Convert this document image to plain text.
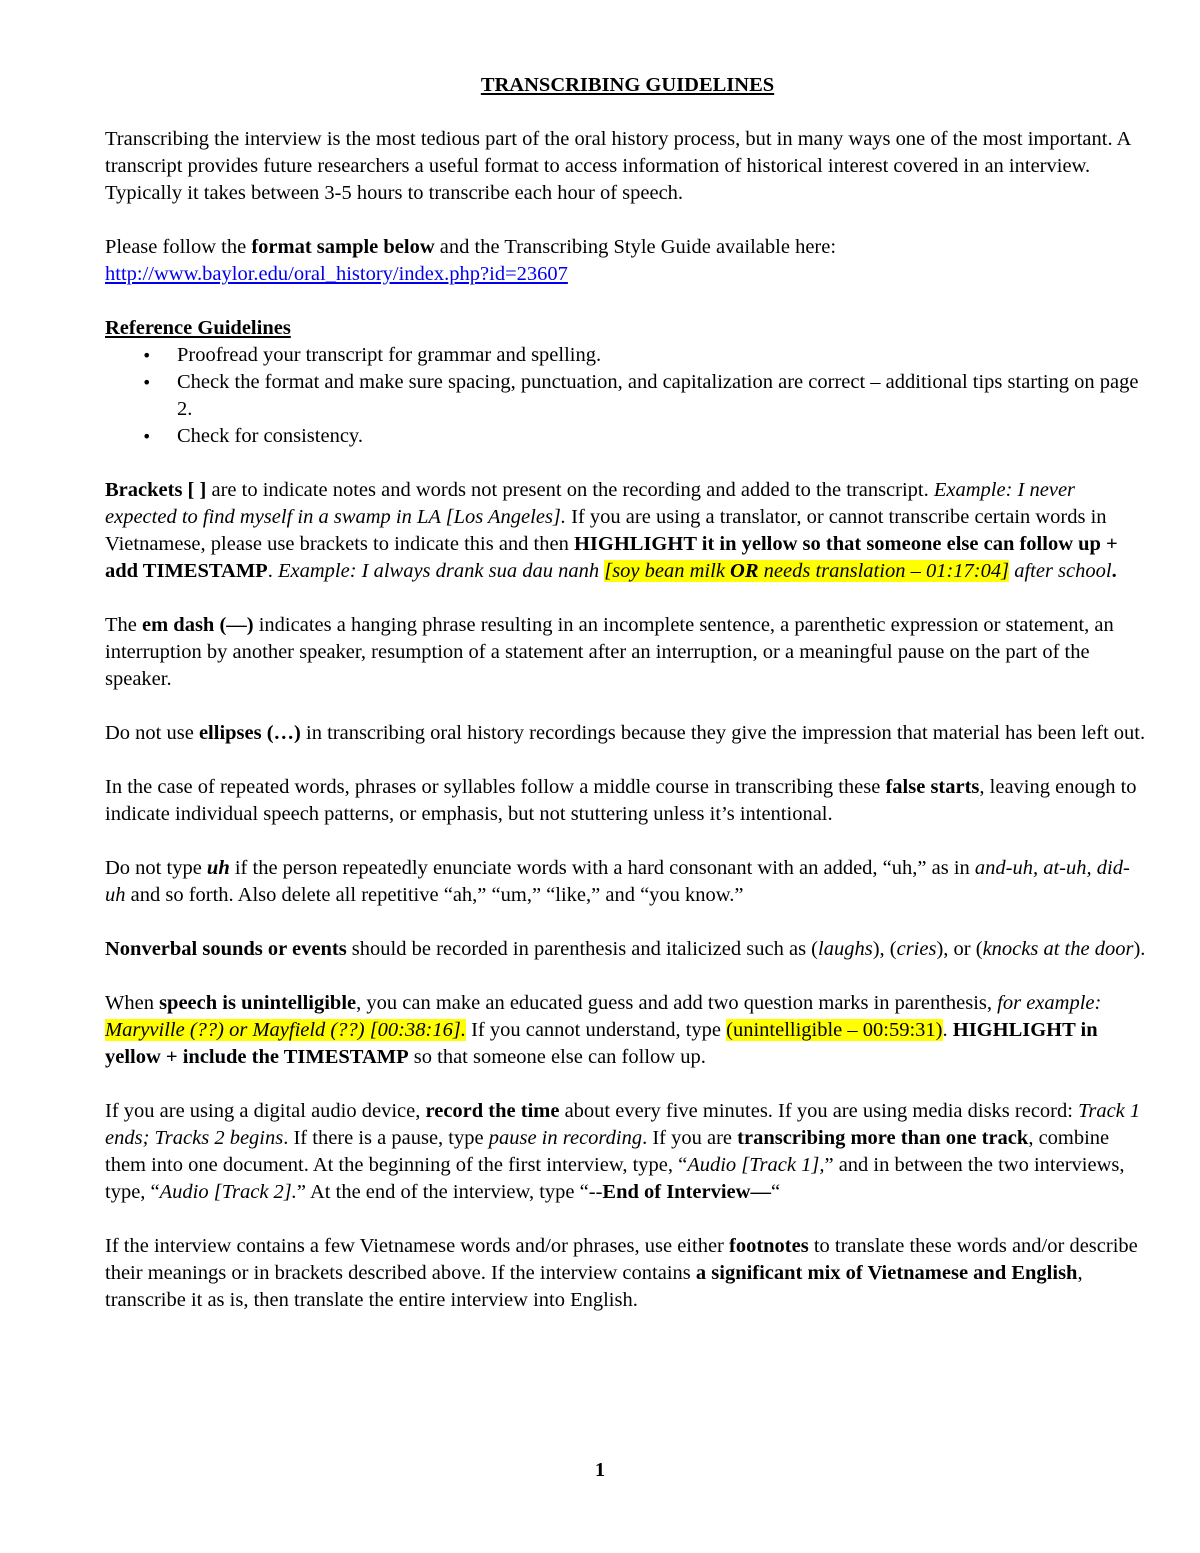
TRANSCRIBING GUIDELINES

Transcribing the interview is the most tedious part of the oral history process, but in many ways one of the most important. A transcript provides future researchers a useful format to access information of historical interest covered in an interview. Typically it takes between 3-5 hours to transcribe each hour of speech.

Please follow the format sample below and the Transcribing Style Guide available here:
http://www.baylor.edu/oral_history/index.php?id=23607

Reference Guidelines
• Proofread your transcript for grammar and spelling.
• Check the format and make sure spacing, punctuation, and capitalization are correct – additional tips starting on page 2.
• Check for consistency.

Brackets [ ] are to indicate notes and words not present on the recording and added to the transcript. Example: I never expected to find myself in a swamp in LA [Los Angeles]. If you are using a translator, or cannot transcribe certain words in Vietnamese, please use brackets to indicate this and then HIGHLIGHT it in yellow so that someone else can follow up + add TIMESTAMP. Example: I always drank sua dau nanh [soy bean milk OR needs translation – 01:17:04] after school.

The em dash (—) indicates a hanging phrase resulting in an incomplete sentence, a parenthetic expression or statement, an interruption by another speaker, resumption of a statement after an interruption, or a meaningful pause on the part of the speaker.

Do not use ellipses (…) in transcribing oral history recordings because they give the impression that material has been left out.

In the case of repeated words, phrases or syllables follow a middle course in transcribing these false starts, leaving enough to indicate individual speech patterns, or emphasis, but not stuttering unless it’s intentional.

Do not type uh if the person repeatedly enunciate words with a hard consonant with an added, “uh,” as in and-uh, at-uh, did-uh and so forth. Also delete all repetitive “ah,” “um,” “like,” and “you know.”

Nonverbal sounds or events should be recorded in parenthesis and italicized such as (laughs), (cries), or (knocks at the door).

When speech is unintelligible, you can make an educated guess and add two question marks in parenthesis, for example: Maryville (??) or Mayfield (??) [00:38:16]. If you cannot understand, type (unintelligible – 00:59:31). HIGHLIGHT in yellow + include the TIMESTAMP so that someone else can follow up.

If you are using a digital audio device, record the time about every five minutes. If you are using media disks record: Track 1 ends; Tracks 2 begins. If there is a pause, type pause in recording. If you are transcribing more than one track, combine them into one document. At the beginning of the first interview, type, “Audio [Track 1],” and in between the two interviews, type, “Audio [Track 2].” At the end of the interview, type “--End of Interview—“

If the interview contains a few Vietnamese words and/or phrases, use either footnotes to translate these words and/or describe their meanings or in brackets described above. If the interview contains a significant mix of Vietnamese and English, transcribe it as is, then translate the entire interview into English.

1
